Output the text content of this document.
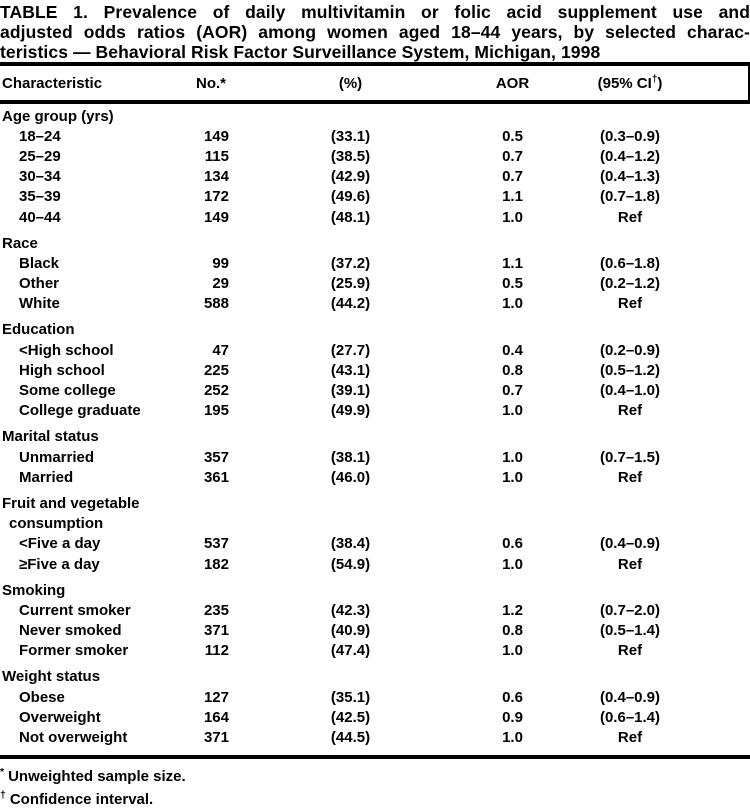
TABLE 1. Prevalence of daily multivitamin or folic acid supplement use and
adjusted odds ratios (AOR) among women aged 18–44 years, by selected charac-
teristics — Behavioral Risk Factor Surveillance System, Michigan, 1998
Characteristic	No.*	(%)	AOR	(95% CI†)
Age group (yrs)
18–24	149	(33.1)	0.5	(0.3–0.9)
25–29	115	(38.5)	0.7	(0.4–1.2)
30–34	134	(42.9)	0.7	(0.4–1.3)
35–39	172	(49.6)	1.1	(0.7–1.8)
40–44	149	(48.1)	1.0	Ref
Race
Black	99	(37.2)	1.1	(0.6–1.8)
Other	29	(25.9)	0.5	(0.2–1.2)
White	588	(44.2)	1.0	Ref
Education
<High school	47	(27.7)	0.4	(0.2–0.9)
High school	225	(43.1)	0.8	(0.5–1.2)
Some college	252	(39.1)	0.7	(0.4–1.0)
College graduate	195	(49.9)	1.0	Ref
Marital status
Unmarried	357	(38.1)	1.0	(0.7–1.5)
Married	361	(46.0)	1.0	Ref
Fruit and vegetable
consumption
<Five a day	537	(38.4)	0.6	(0.4–0.9)
≥Five a day	182	(54.9)	1.0	Ref
Smoking
Current smoker	235	(42.3)	1.2	(0.7–2.0)
Never smoked	371	(40.9)	0.8	(0.5–1.4)
Former smoker	112	(47.4)	1.0	Ref
Weight status
Obese	127	(35.1)	0.6	(0.4–0.9)
Overweight	164	(42.5)	0.9	(0.6–1.4)
Not overweight	371	(44.5)	1.0	Ref
* Unweighted sample size.
† Confidence interval.
